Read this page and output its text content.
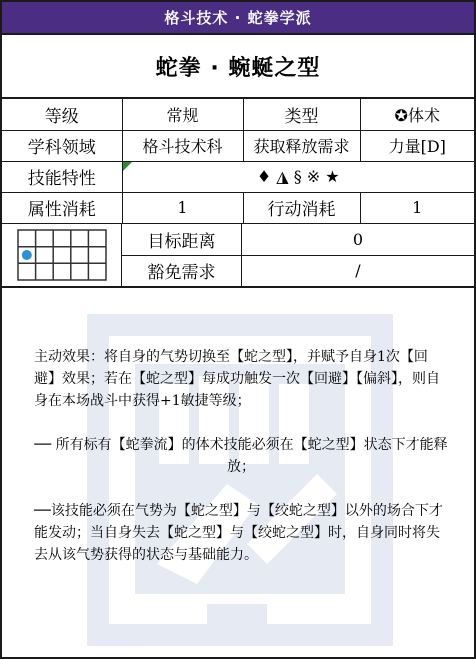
格斗技术 · 蛇拳学派
蛇拳 · 蜿蜒之型
等级	常规	类型	✪体术
学科领域	格斗技术科	获取释放需求	力量[D]
技能特性	♦ ◮ § ※ ★		
属性消耗	1	行动消耗	1
目标距离	0
豁免需求	/

主动效果：将自身的气势切换至【蛇之型】，并赋予自身1次【回避】效果；若在【蛇之型】每成功触发一次【回避】【偏斜】，则自身在本场战斗中获得+1敏捷等级；

── 所有标有【蛇拳流】的体术技能必须在【蛇之型】状态下才能释放；

──该技能必须在气势为【蛇之型】与【绞蛇之型】以外的场合下才能发动；当自身失去【蛇之型】与【绞蛇之型】时，自身同时将失去从该气势获得的状态与基础能力。
